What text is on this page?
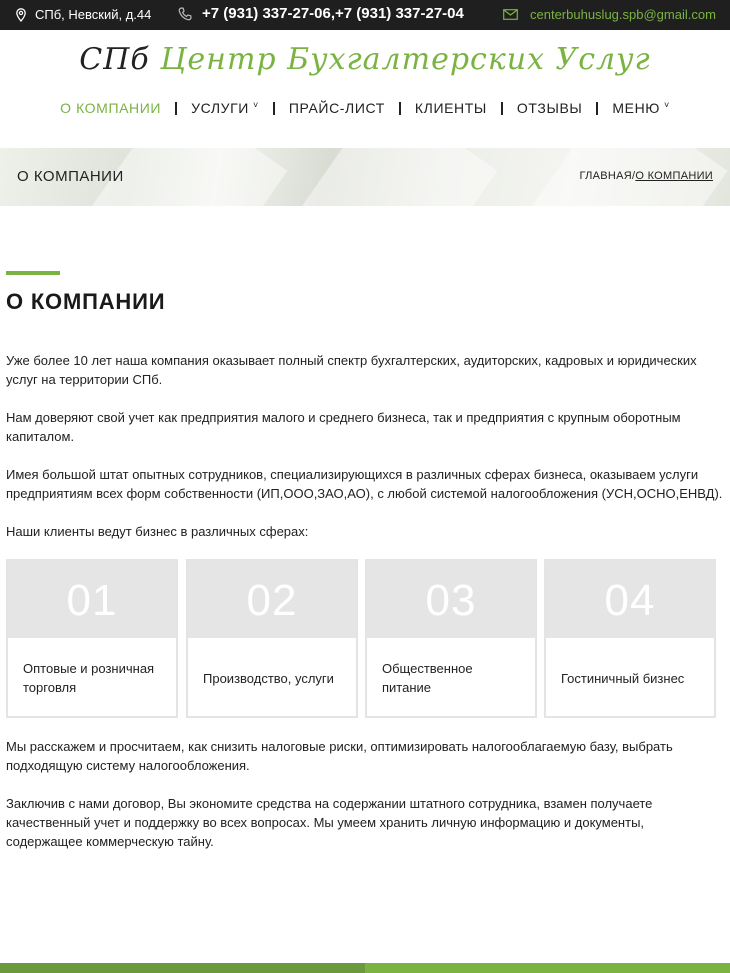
СПб, Невский, д.44	+7 (931) 337-27-06,+7 (931) 337-27-04	centerbuhuslug.spb@gmail.com
СПб Центр Бухгалтерских Услуг
О КОМПАНИИ УСЛУГИ ˅ ПРАЙС-ЛИСТ КЛИЕНТЫ ОТЗЫВЫ МЕНЮ ˅
О КОМПАНИИ	ГЛАВНАЯ/О КОМПАНИИ
О КОМПАНИИ

Уже более 10 лет наша компания оказывает полный спектр бухгалтерских, аудиторских, кадровых и юридических услуг на территории СПб.

Нам доверяют свой учет как предприятия малого и среднего бизнеса, так и предприятия с крупным оборотным капиталом.

Имея большой штат опытных сотрудников, специализирующихся в различных сферах бизнеса, оказываем услуги предприятиям всех форм собственности (ИП,ООО,ЗАО,АО), с любой системой налогообложения (УСН,ОСНО,ЕНВД).

Наши клиенты ведут бизнес в различных сферах:

01
Оптовые и розничная торговля
02
Производство, услуги
03
Общественное питание
04
Гостиничный бизнес

Мы расскажем и просчитаем, как снизить налоговые риски, оптимизировать налогооблагаемую базу, выбрать подходящую систему налогообложения.

Заключив с нами договор, Вы экономите средства на содержании штатного сотрудника, взамен получаете качественный учет и поддержку во всех вопросах. Мы умеем хранить личную информацию и документы, содержащее коммерческую тайну.
